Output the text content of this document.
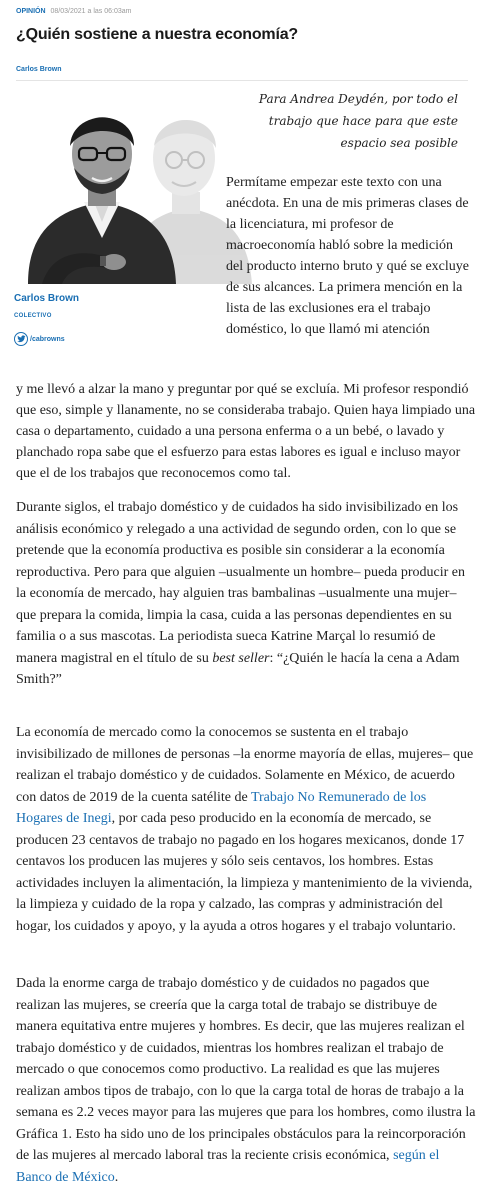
OPINIÓN 08/03/2021 a las 06:03am
¿Quién sostiene a nuestra economía?
Carlos Brown
Carlos Brown
COLECTIVO
/cabrowns

Para Andrea Deydén, por todo el trabajo que hace para que este espacio sea posible

Permítame empezar este texto con una anécdota. En una de mis primeras clases de la licenciatura, mi profesor de macroeconomía habló sobre la medición del producto interno bruto y qué se excluye de sus alcances. La primera mención en la lista de las exclusiones era el trabajo doméstico, lo que llamó mi atención

y me llevó a alzar la mano y preguntar por qué se excluía. Mi profesor respondió que eso, simple y llanamente, no se consideraba trabajo. Quien haya limpiado una casa o departamento, cuidado a una persona enferma o a un bebé, o lavado y planchado ropa sabe que el esfuerzo para estas labores es igual e incluso mayor que el de los trabajos que reconocemos como tal.

Durante siglos, el trabajo doméstico y de cuidados ha sido invisibilizado en los análisis económico y relegado a una actividad de segundo orden, con lo que se pretende que la economía productiva es posible sin considerar a la economía reproductiva. Pero para que alguien –usualmente un hombre– pueda producir en la economía de mercado, hay alguien tras bambalinas –usualmente una mujer– que prepara la comida, limpia la casa, cuida a las personas dependientes en su familia o a sus mascotas. La periodista sueca Katrine Marçal lo resumió de manera magistral en el título de su best seller: “¿Quién le hacía la cena a Adam Smith?”

La economía de mercado como la conocemos se sustenta en el trabajo invisibilizado de millones de personas –la enorme mayoría de ellas, mujeres– que realizan el trabajo doméstico y de cuidados. Solamente en México, de acuerdo con datos de 2019 de la cuenta satélite de Trabajo No Remunerado de los Hogares de Inegi, por cada peso producido en la economía de mercado, se producen 23 centavos de trabajo no pagado en los hogares mexicanos, donde 17 centavos los producen las mujeres y sólo seis centavos, los hombres. Estas actividades incluyen la alimentación, la limpieza y mantenimiento de la vivienda, la limpieza y cuidado de la ropa y calzado, las compras y administración del hogar, los cuidados y apoyo, y la ayuda a otros hogares y el trabajo voluntario.

Dada la enorme carga de trabajo doméstico y de cuidados no pagados que realizan las mujeres, se creería que la carga total de trabajo se distribuye de manera equitativa entre mujeres y hombres. Es decir, que las mujeres realizan el trabajo doméstico y de cuidados, mientras los hombres realizan el trabajo de mercado o que conocemos como productivo. La realidad es que las mujeres realizan ambos tipos de trabajo, con lo que la carga total de horas de trabajo a la semana es 2.2 veces mayor para las mujeres que para los hombres, como ilustra la Gráfica 1. Esto ha sido uno de los principales obstáculos para la reincorporación de las mujeres al mercado laboral tras la reciente crisis económica, según el Banco de México.
